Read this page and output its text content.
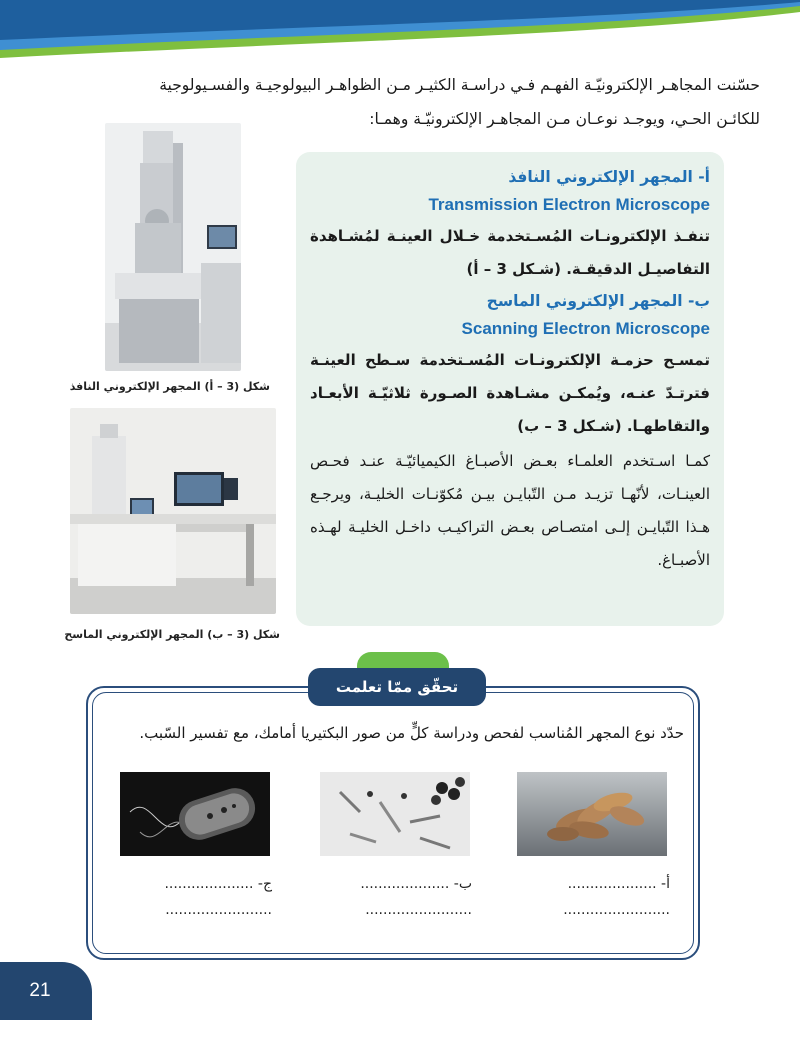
حسّنت المجاهـر الإلكترونيّـة الفهـم فـي دراسـة الكثيـر مـن الظواهـر البيولوجيـة والفسـيولوجية

للكائـن الحـي، ويوجـد نوعـان مـن المجاهـر الإلكترونيّـة وهمـا:

أ- المجهر الإلكتروني النافذ

Transmission Electron Microscope

تنفـذ الإلكترونـات المُسـتخدمة خـلال العينـة لمُشـاهدة التفاصيـل الدقيقـة. (شـكل 3 – أ)

ب- المجهر الإلكتروني الماسح

Scanning Electron Microscope

تمسـح حزمـة الإلكترونـات المُسـتخدمة سـطح العينـة فترتـدّ عنـه، ويُمكـن مشـاهدة الصـورة ثلاثيّـة الأبعـاد والتقاطهـا. (شـكل 3 – ب)

كمـا اسـتخدم العلمـاء بعـض الأصبـاغ الكيميائيّـة عنـد فحـص العينـات، لأنّهـا تزيـد مـن التّبايـن بيـن مُكوّنـات الخليـة، ويرجـع هـذا التّبايـن إلـى امتصـاص بعـض التراكيـب داخـل الخليـة لهـذه الأصبـاغ.

شكل (3 – أ) المجهر الإلكتروني النافذ
شكل (3 – ب) المجهر الإلكتروني الماسح
تحقّق ممّا تعلمت
حدّد نوع المجهر المُناسب لفحص ودراسة كلٍّ من صور البكتيريا أمامك، مع تفسير السّبب.
أ- ....................
........................
ب- ....................
........................
ج- ....................
........................
21
